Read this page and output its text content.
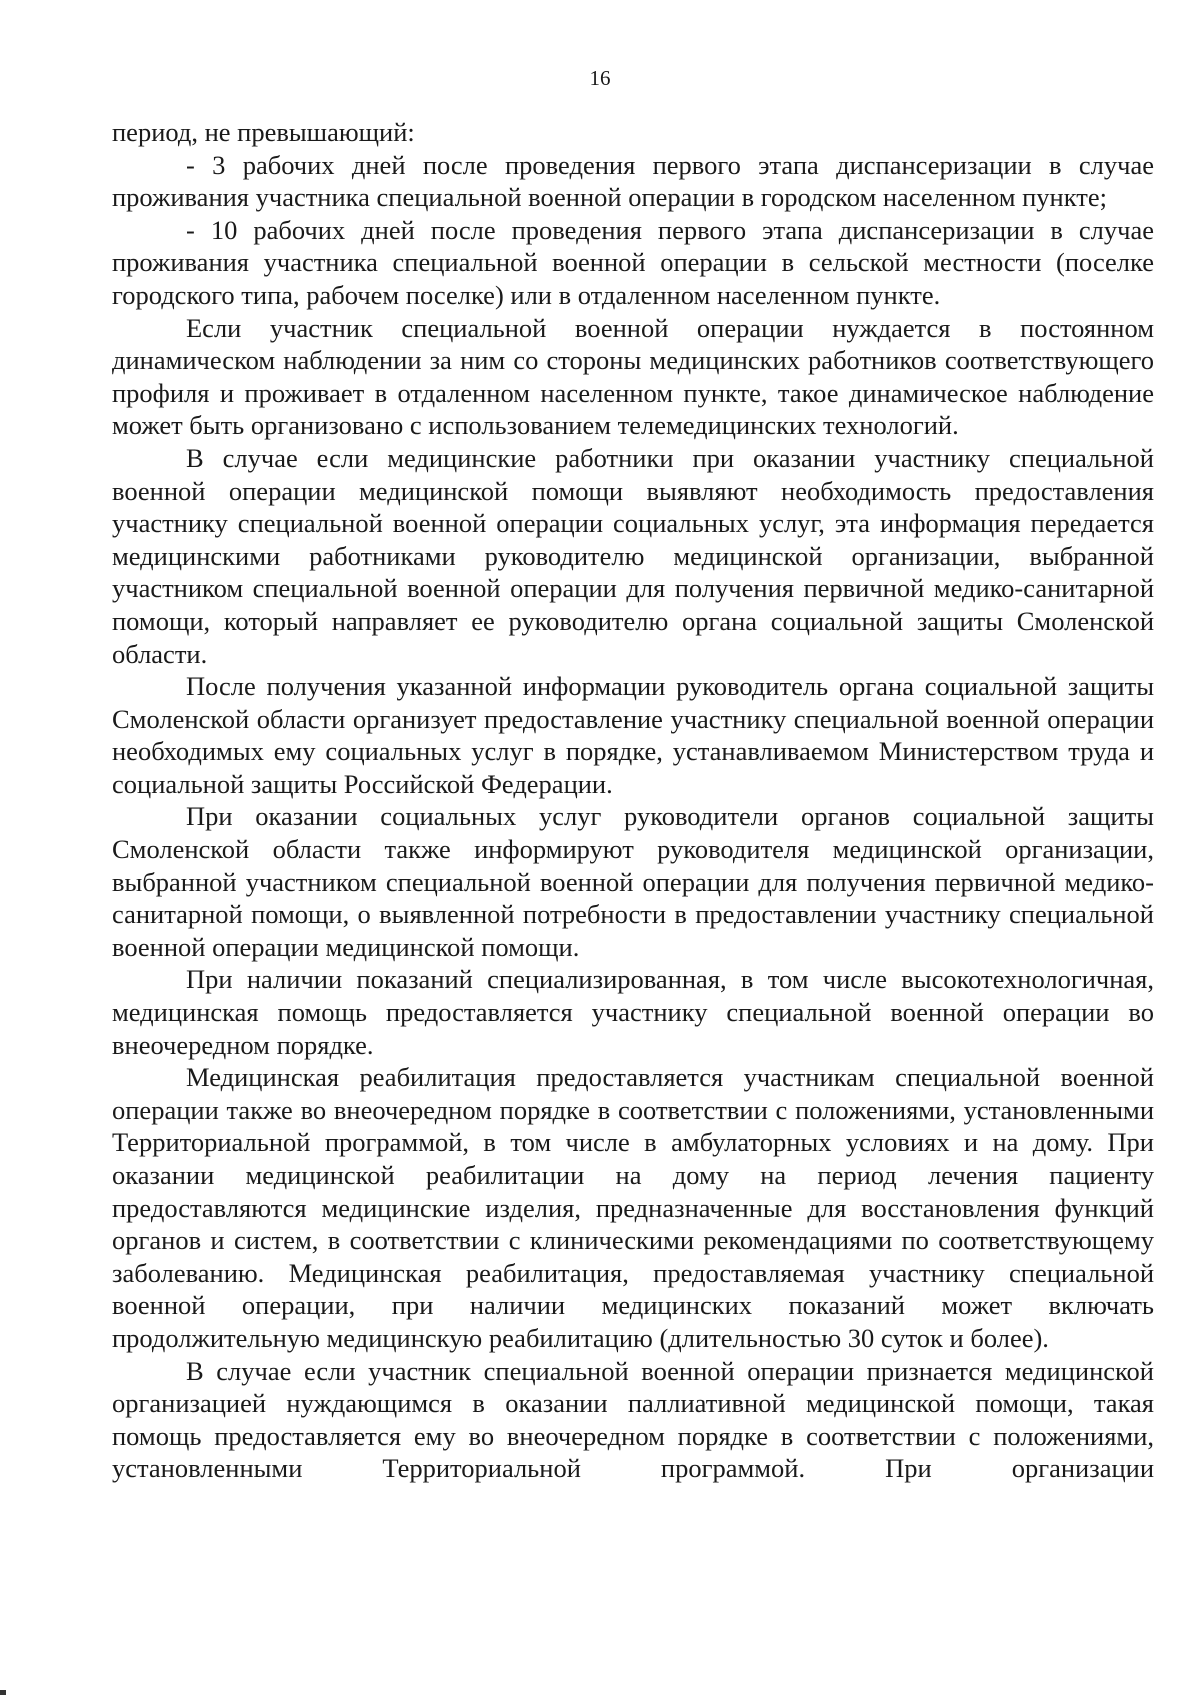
16

период, не превышающий:

- 3 рабочих дней после проведения первого этапа диспансеризации в случае проживания участника специальной военной операции в городском населенном пункте;

- 10 рабочих дней после проведения первого этапа диспансеризации в случае проживания участника специальной военной операции в сельской местности (поселке городского типа, рабочем поселке) или в отдаленном населенном пункте.

Если участник специальной военной операции нуждается в постоянном динамическом наблюдении за ним со стороны медицинских работников соответствующего профиля и проживает в отдаленном населенном пункте, такое динамическое наблюдение может быть организовано с использованием телемедицинских технологий.

В случае если медицинские работники при оказании участнику специальной военной операции медицинской помощи выявляют необходимость предоставления участнику специальной военной операции социальных услуг, эта информация передается медицинскими работниками руководителю медицинской организации, выбранной участником специальной военной операции для получения первичной медико-санитарной помощи, который направляет ее руководителю органа социальной защиты Смоленской области.

После получения указанной информации руководитель органа социальной защиты Смоленской области организует предоставление участнику специальной военной операции необходимых ему социальных услуг в порядке, устанавливаемом Министерством труда и социальной защиты Российской Федерации.

При оказании социальных услуг руководители органов социальной защиты Смоленской области также информируют руководителя медицинской организации, выбранной участником специальной военной операции для получения первичной медико-санитарной помощи, о выявленной потребности в предоставлении участнику специальной военной операции медицинской помощи.

При наличии показаний специализированная, в том числе высокотехнологичная, медицинская помощь предоставляется участнику специальной военной операции во внеочередном порядке.

Медицинская реабилитация предоставляется участникам специальной военной операции также во внеочередном порядке в соответствии с положениями, установленными Территориальной программой, в том числе в амбулаторных условиях и на дому. При оказании медицинской реабилитации на дому на период лечения пациенту предоставляются медицинские изделия, предназначенные для восстановления функций органов и систем, в соответствии с клиническими рекомендациями по соответствующему заболеванию. Медицинская реабилитация, предоставляемая участнику специальной военной операции, при наличии медицинских показаний может включать продолжительную медицинскую реабилитацию (длительностью 30 суток и более).

В случае если участник специальной военной операции признается медицинской организацией нуждающимся в оказании паллиативной медицинской помощи, такая помощь предоставляется ему во внеочередном порядке в соответствии с положениями, установленными Территориальной программой. При организации
